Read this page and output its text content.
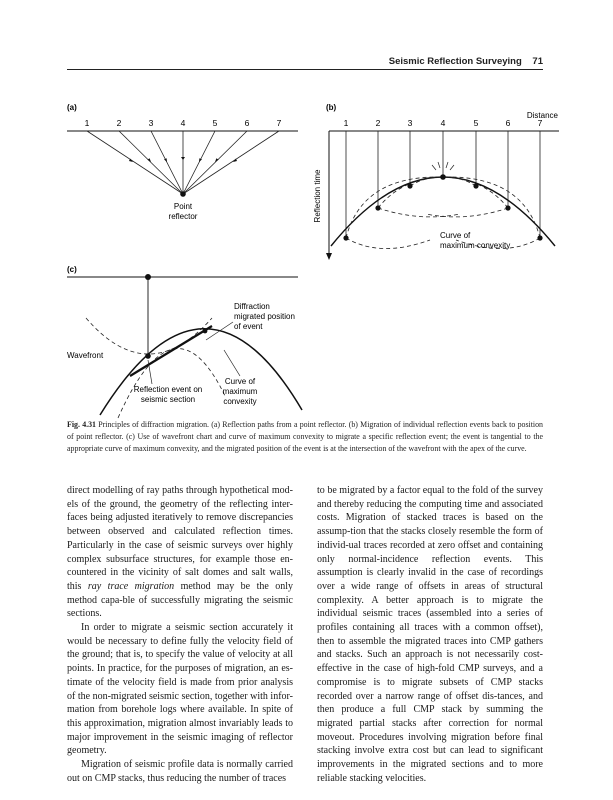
Seismic Reflection Surveying 71
(a)
1	2	3	4	5	6	7
Point
reflector
(b)
Distance
1	2	3	4	5	6	7
Reflection time
Curve of
maximum convexity
(c)
Diffraction
migrated position
of event
Wavefront
Reflection event on
seismic section
Curve of
maximum
convexity
Fig. 4.31 Principles of diffraction migration. (a) Reflection paths from a point reflector. (b) Migration of individual reflection events back to position of point reflector. (c) Use of wavefront chart and curve of maximum convexity to migrate a specific reflection event; the event is tangential to the appropriate curve of maximum convexity, and the migrated position of the event is at the intersection of the wavefront with the apex of the curve.

direct modelling of ray paths through hypothetical mod-els of the ground, the geometry of the reflecting inter-faces being adjusted iteratively to remove discrepancies between observed and calculated reflection times. Particularly in the case of seismic surveys over highly complex subsurface structures, for example those en-countered in the vicinity of salt domes and salt walls, this ray trace migration method may be the only method capa-ble of successfully migrating the seismic sections.

In order to migrate a seismic section accurately it would be necessary to define fully the velocity field of the ground; that is, to specify the value of velocity at all points. In practice, for the purposes of migration, an es-timate of the velocity field is made from prior analysis of the non-migrated seismic section, together with infor-mation from borehole logs where available. In spite of this approximation, migration almost invariably leads to major improvement in the seismic imaging of reflector geometry.

Migration of seismic profile data is normally carried out on CMP stacks, thus reducing the number of traces

to be migrated by a factor equal to the fold of the survey and thereby reducing the computing time and associated costs. Migration of stacked traces is based on the assump-tion that the stacks closely resemble the form of individ-ual traces recorded at zero offset and containing only normal-incidence reflection events. This assumption is clearly invalid in the case of recordings over a wide range of offsets in areas of structural complexity. A better approach is to migrate the individual seismic traces (assembled into a series of profiles containing all traces with a common offset), then to assemble the migrated traces into CMP gathers and stacks. Such an approach is not necessarily cost-effective in the case of high-fold CMP surveys, and a compromise is to migrate subsets of CMP stacks recorded over a narrow range of offset dis-tances, and then produce a full CMP stack by summing the migrated partial stacks after correction for normal moveout. Procedures involving migration before final stacking involve extra cost but can lead to significant improvements in the migrated sections and to more reliable stacking velocities.
